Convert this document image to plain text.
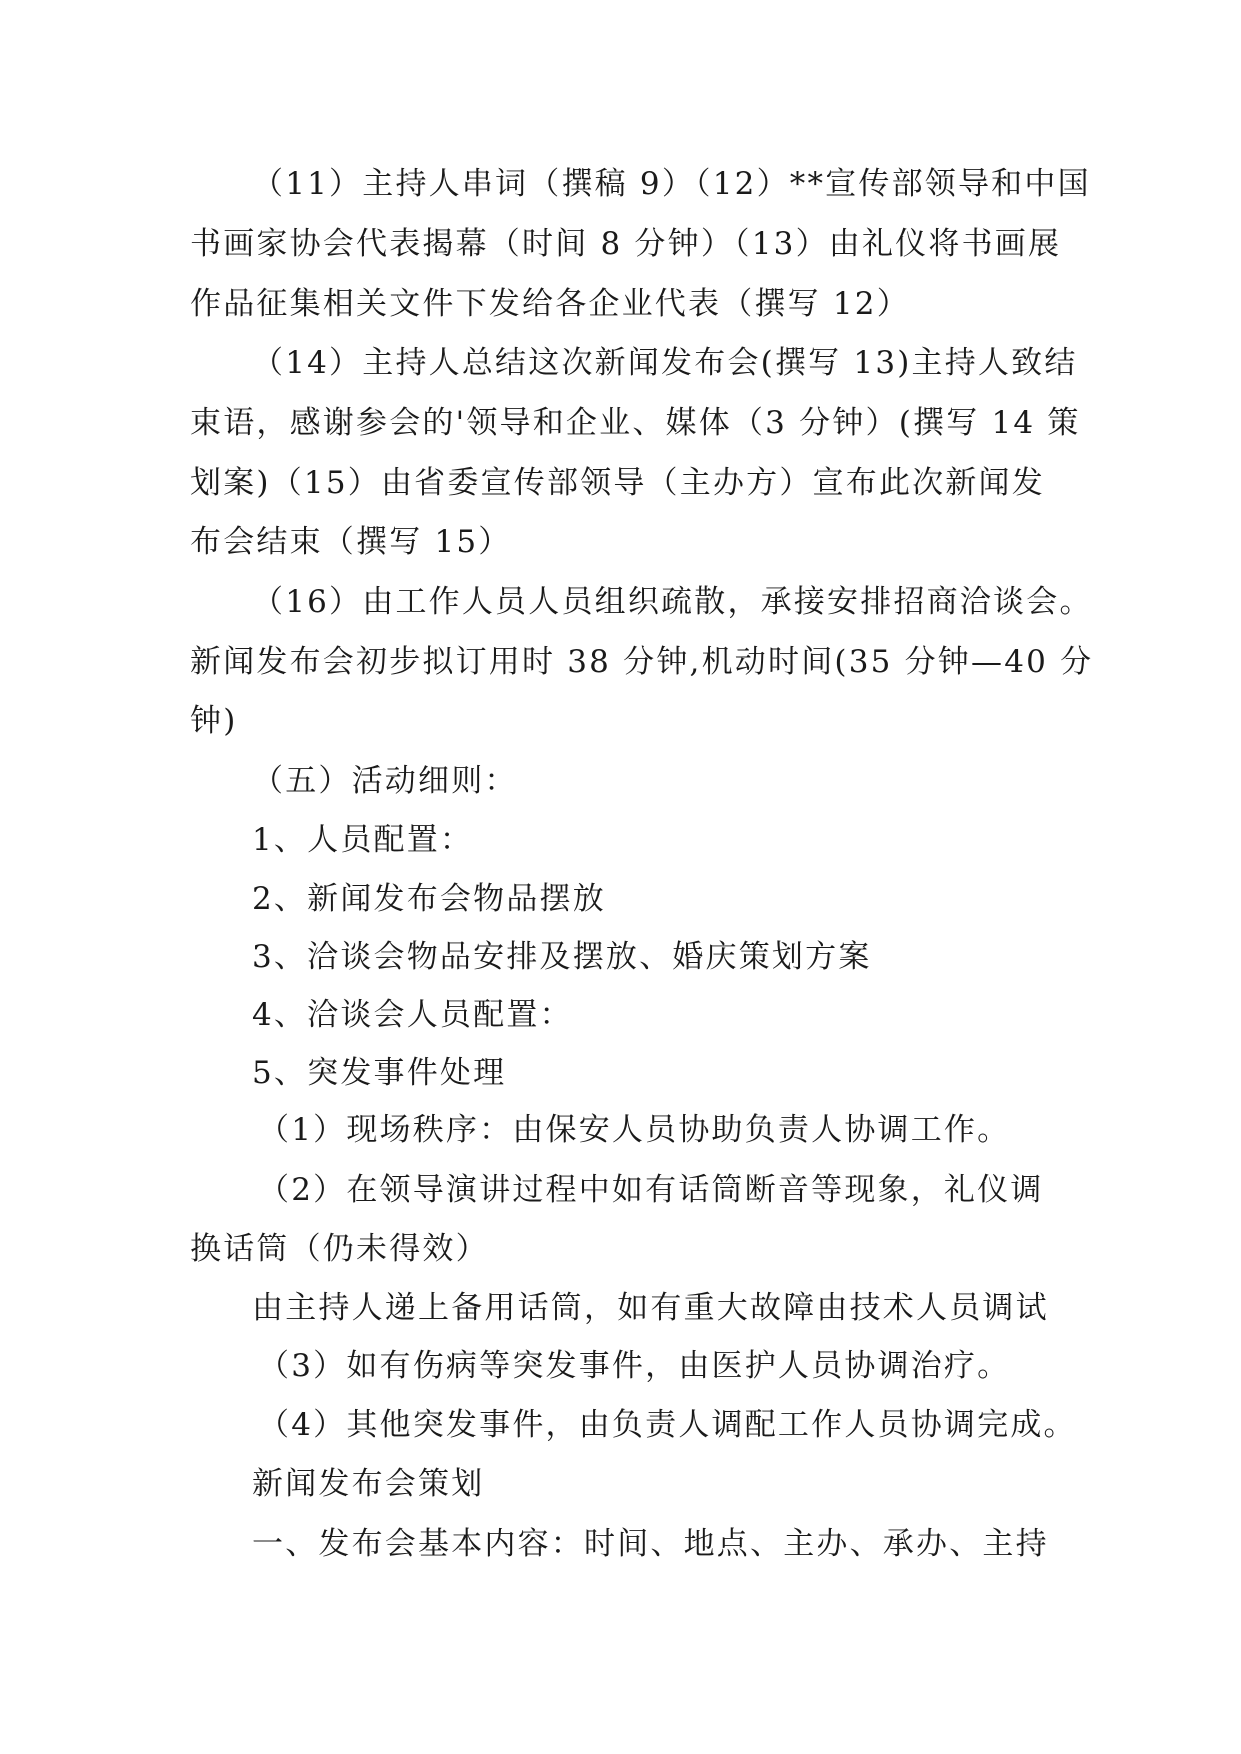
（11）主持人串词（撰稿 9）（12）**宣传部领导和中国
书画家协会代表揭幕（时间 8 分钟）（13）由礼仪将书画展
作品征集相关文件下发给各企业代表（撰写 12）
（14）主持人总结这次新闻发布会(撰写 13)主持人致结
束语，感谢参会的'领导和企业、媒体（3 分钟）(撰写 14 策
划案)（15）由省委宣传部领导（主办方）宣布此次新闻发
布会结束（撰写 15）
（16）由工作人员人员组织疏散，承接安排招商洽谈会。
新闻发布会初步拟订用时 38 分钟,机动时间(35 分钟—40 分
钟)
（五）活动细则：
1、人员配置：
2、新闻发布会物品摆放
3、洽谈会物品安排及摆放、婚庆策划方案
4、洽谈会人员配置：
5、突发事件处理
（1）现场秩序：由保安人员协助负责人协调工作。
（2）在领导演讲过程中如有话筒断音等现象，礼仪调
换话筒（仍未得效）
由主持人递上备用话筒，如有重大故障由技术人员调试
（3）如有伤病等突发事件，由医护人员协调治疗。
（4）其他突发事件，由负责人调配工作人员协调完成。
新闻发布会策划
一、发布会基本内容：时间、地点、主办、承办、主持
